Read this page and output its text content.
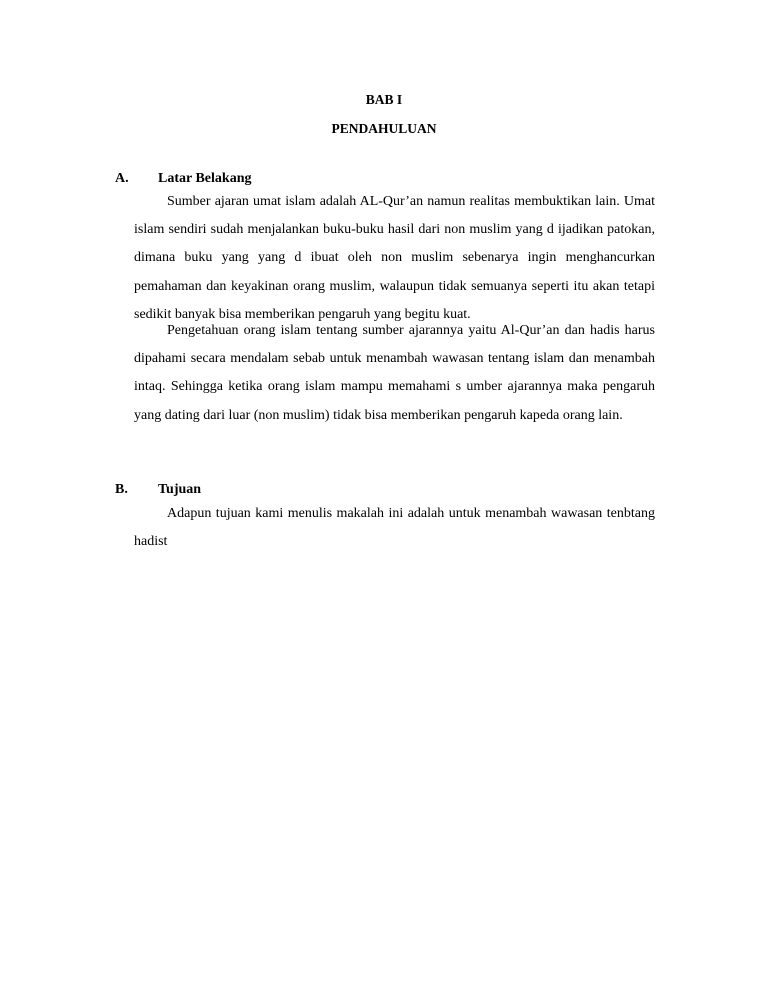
BAB I
PENDAHULUAN
A. Latar Belakang

Sumber ajaran umat islam adalah AL-Qur’an namun realitas membuktikan lain. Umat islam sendiri sudah menjalankan buku-buku hasil dari non muslim yang d ijadikan patokan, dimana buku yang yang d ibuat oleh non muslim sebenarya ingin menghancurkan pemahaman dan keyakinan orang muslim, walaupun tidak semuanya seperti itu akan tetapi sedikit banyak bisa memberikan pengaruh yang begitu kuat.

Pengetahuan orang islam tentang sumber ajarannya yaitu Al-Qur’an dan hadis harus dipahami secara mendalam sebab untuk menambah wawasan tentang islam dan menambah intaq. Sehingga ketika orang islam mampu memahami s umber ajarannya maka pengaruh yang dating dari luar (non muslim) tidak bisa memberikan pengaruh kapeda orang lain.

B. Tujuan

Adapun tujuan kami menulis makalah ini adalah untuk menambah wawasan tenbtang hadist
